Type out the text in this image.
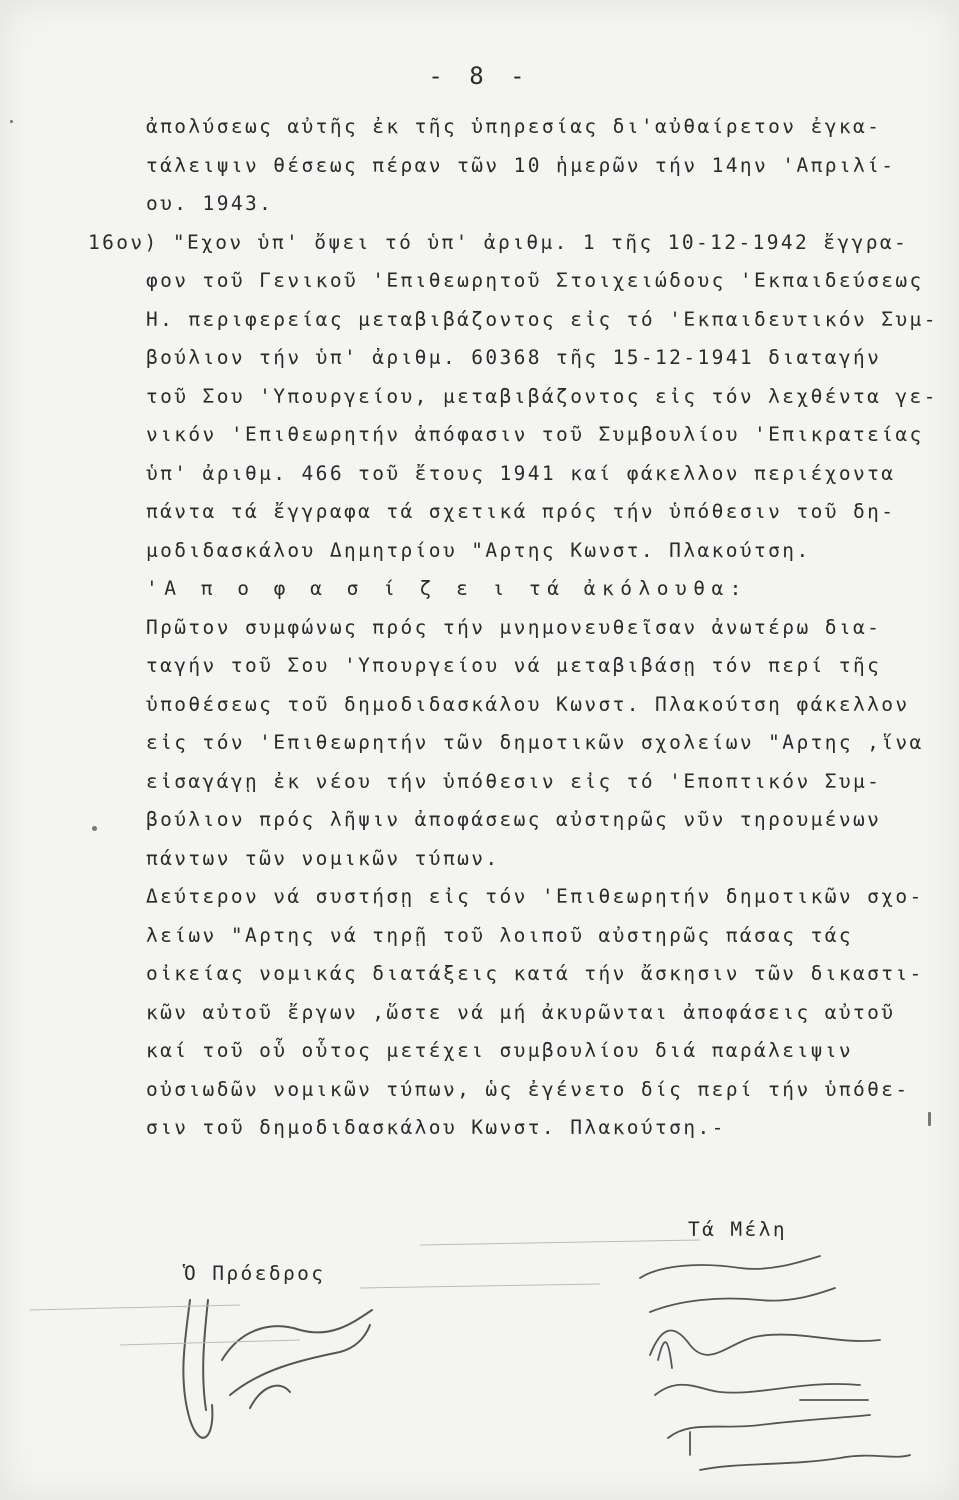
- 8 -
ἀπολύσεως αὐτῆς ἐκ τῆς ὑπηρεσίας δι'αὐθαίρετον ἐγκα-
τάλειψιν θέσεως πέραν τῶν 10 ἡμερῶν τήν 14ην 'Απριλί-
ου. 1943.
16ον) "Εχον ὑπ' ὄψει τό ὑπ' ἀριθμ. 1 τῆς 10-12-1942 ἔγγρα-
φον τοῦ Γενικοῦ 'Επιθεωρητοῦ Στοιχειώδους 'Εκπαιδεύσεως
Η. περιφερείας μεταβιβάζοντος εἰς τό 'Εκπαιδευτικόν Συμ-
βούλιον τήν ὑπ' ἀριθμ. 60368 τῆς 15-12-1941 διαταγήν
τοῦ Σου 'Υπουργείου, μεταβιβάζοντος εἰς τόν λεχθέντα γε-
νικόν 'Επιθεωρητήν ἀπόφασιν τοῦ Συμβουλίου 'Επικρατείας
ὑπ' ἀριθμ. 466 τοῦ ἔτους 1941 καί φάκελλον περιέχοντα
πάντα τά ἔγγραφα τά σχετικά πρός τήν ὑπόθεσιν τοῦ δη-
μοδιδασκάλου Δημητρίου "Αρτης Κωνστ. Πλακούτση.
'Α π ο φ α σ ί ζ ε ι τά ἀκόλουθα:
Πρῶτον συμφώνως πρός τήν μνημονευθεῖσαν ἀνωτέρω δια-
ταγήν τοῦ Σου 'Υπουργείου νά μεταβιβάσῃ τόν περί τῆς
ὑποθέσεως τοῦ δημοδιδασκάλου Κωνστ. Πλακούτση φάκελλον
εἰς τόν 'Επιθεωρητήν τῶν δημοτικῶν σχολείων "Αρτης ,ἵνα
εἰσαγάγῃ ἐκ νέου τήν ὑπόθεσιν εἰς τό 'Εποπτικόν Συμ-
βούλιον πρός λῆψιν ἀποφάσεως αὐστηρῶς νῦν τηρουμένων
πάντων τῶν νομικῶν τύπων.
Δεύτερον νά συστήσῃ εἰς τόν 'Επιθεωρητήν δημοτικῶν σχο-
λείων "Αρτης νά τηρῇ τοῦ λοιποῦ αὐστηρῶς πάσας τάς
οἰκείας νομικάς διατάξεις κατά τήν ἄσκησιν τῶν δικαστι-
κῶν αὐτοῦ ἔργων ,ὥστε νά μή ἀκυρῶνται ἀποφάσεις αὐτοῦ
καί τοῦ οὗ οὗτος μετέχει συμβουλίου διά παράλειψιν
οὐσιωδῶν νομικῶν τύπων, ὡς ἐγένετο δίς περί τήν ὑπόθε-
σιν τοῦ δημοδιδασκάλου Κωνστ. Πλακούτση.-
Τά Μέλη
Ὁ Πρόεδρος
